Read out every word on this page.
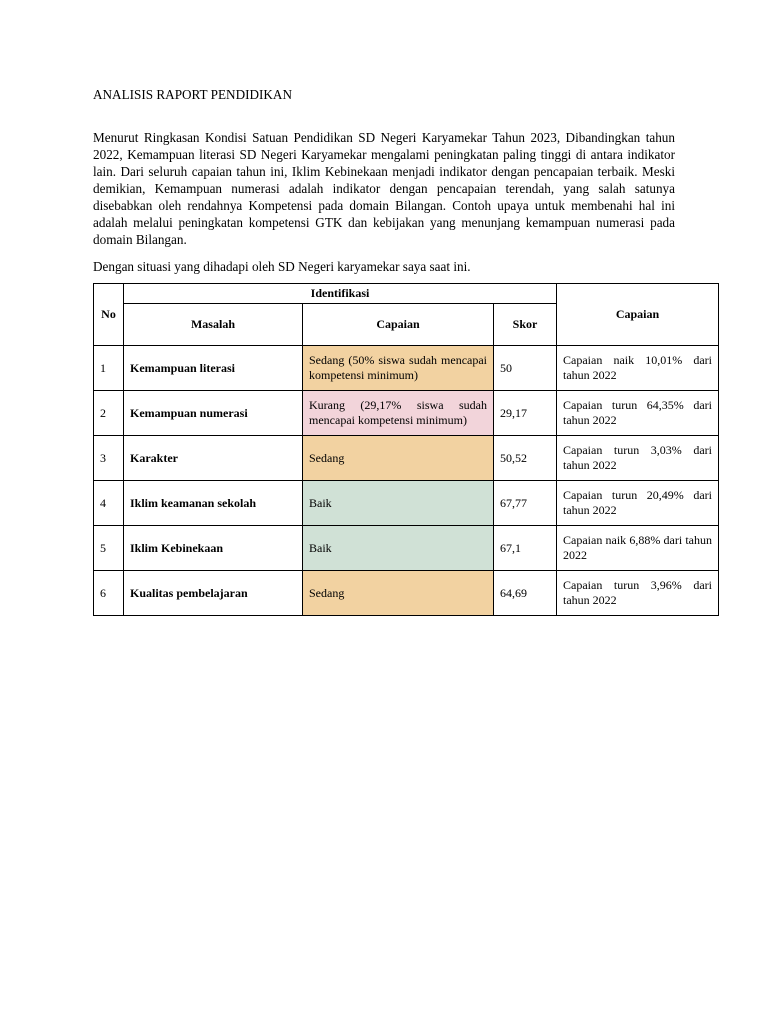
ANALISIS RAPORT PENDIDIKAN

Menurut Ringkasan Kondisi Satuan Pendidikan SD Negeri Karyamekar Tahun 2023, Dibandingkan tahun 2022, Kemampuan literasi SD Negeri Karyamekar mengalami peningkatan paling tinggi di antara indikator lain. Dari seluruh capaian tahun ini, Iklim Kebinekaan menjadi indikator dengan pencapaian terbaik. Meski demikian, Kemampuan numerasi adalah indikator dengan pencapaian terendah, yang salah satunya disebabkan oleh rendahnya Kompetensi pada domain Bilangan. Contoh upaya untuk membenahi hal ini adalah melalui peningkatan kompetensi GTK dan kebijakan yang menunjang kemampuan numerasi pada domain Bilangan.
Dengan situasi yang dihadapi oleh SD Negeri karyamekar saya saat ini.
No	Identifikasi			Capaian
	Masalah	Capaian	Skor	
1	Kemampuan literasi	Sedang (50% siswa sudah mencapai kompetensi minimum)	50	Capaian naik 10,01% dari tahun 2022
2	Kemampuan numerasi	Kurang (29,17% siswa sudah mencapai kompetensi minimum)	29,17	Capaian turun 64,35% dari tahun 2022
3	Karakter	Sedang	50,52	Capaian turun 3,03% dari tahun 2022
4	Iklim keamanan sekolah	Baik	67,77	Capaian turun 20,49% dari tahun 2022
5	Iklim Kebinekaan	Baik	67,1	Capaian naik 6,88% dari tahun 2022
6	Kualitas pembelajaran	Sedang	64,69	Capaian turun 3,96% dari tahun 2022
